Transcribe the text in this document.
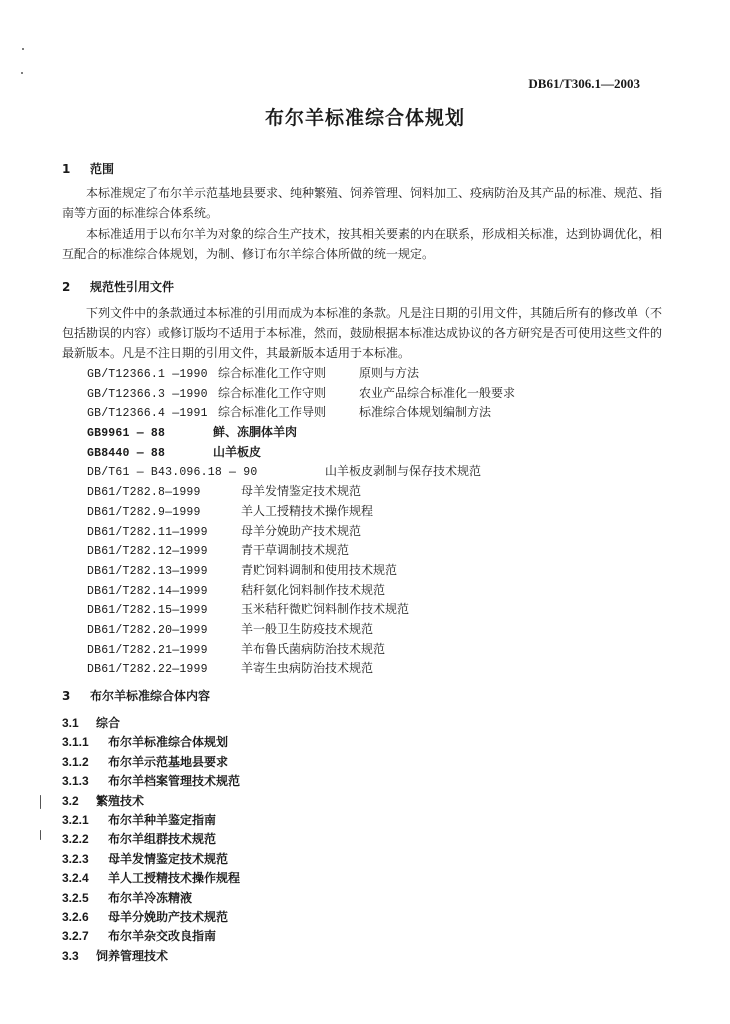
DB61/T306.1—2003
布尔羊标准综合体规划
1 范围
本标准规定了布尔羊示范基地县要求、纯种繁殖、饲养管理、饲料加工、疫病防治及其产品的标准、规范、指南等方面的标准综合体系统。
本标准适用于以布尔羊为对象的综合生产技术，按其相关要素的内在联系，形成相关标准，达到协调优化，相互配合的标准综合体规划，为制、修订布尔羊综合体所做的统一规定。
2 规范性引用文件
下列文件中的条款通过本标准的引用而成为本标准的条款。凡是注日期的引用文件，其随后所有的修改单（不包括勘误的内容）或修订版均不适用于本标准，然而，鼓励根据本标准达成协议的各方研究是否可使用这些文件的最新版本。凡是不注日期的引用文件，其最新版本适用于本标准。
GB/T12366.1 —1990 综合标准化工作守则	原则与方法
GB/T12366.3 —1990 综合标准化工作守则	农业产品综合标准化一般要求
GB/T12366.4 —1991 综合标准化工作导则	标准综合体规划编制方法
GB9961 — 88	鲜、冻胴体羊肉
GB8440 — 88	山羊板皮
DB/T61 — B43.096.18 — 90	山羊板皮剥制与保存技术规范
DB61/T282.8—1999	母羊发情鉴定技术规范
DB61/T282.9—1999	羊人工授精技术操作规程
DB61/T282.11—1999	母羊分娩助产技术规范
DB61/T282.12—1999	青干草调制技术规范
DB61/T282.13—1999	青贮饲料调制和使用技术规范
DB61/T282.14—1999	秸秆氨化饲料制作技术规范
DB61/T282.15—1999	玉米秸秆微贮饲料制作技术规范
DB61/T282.20—1999	羊一般卫生防疫技术规范
DB61/T282.21—1999	羊布鲁氏菌病防治技术规范
DB61/T282.22—1999	羊寄生虫病防治技术规范
3 布尔羊标准综合体内容
3.1 综合
3.1.1 布尔羊标准综合体规划
3.1.2 布尔羊示范基地县要求
3.1.3 布尔羊档案管理技术规范
3.2 繁殖技术
3.2.1 布尔羊种羊鉴定指南
3.2.2 布尔羊组群技术规范
3.2.3 母羊发情鉴定技术规范
3.2.4 羊人工授精技术操作规程
3.2.5 布尔羊冷冻精液
3.2.6 母羊分娩助产技术规范
3.2.7 布尔羊杂交改良指南
3.3 饲养管理技术
